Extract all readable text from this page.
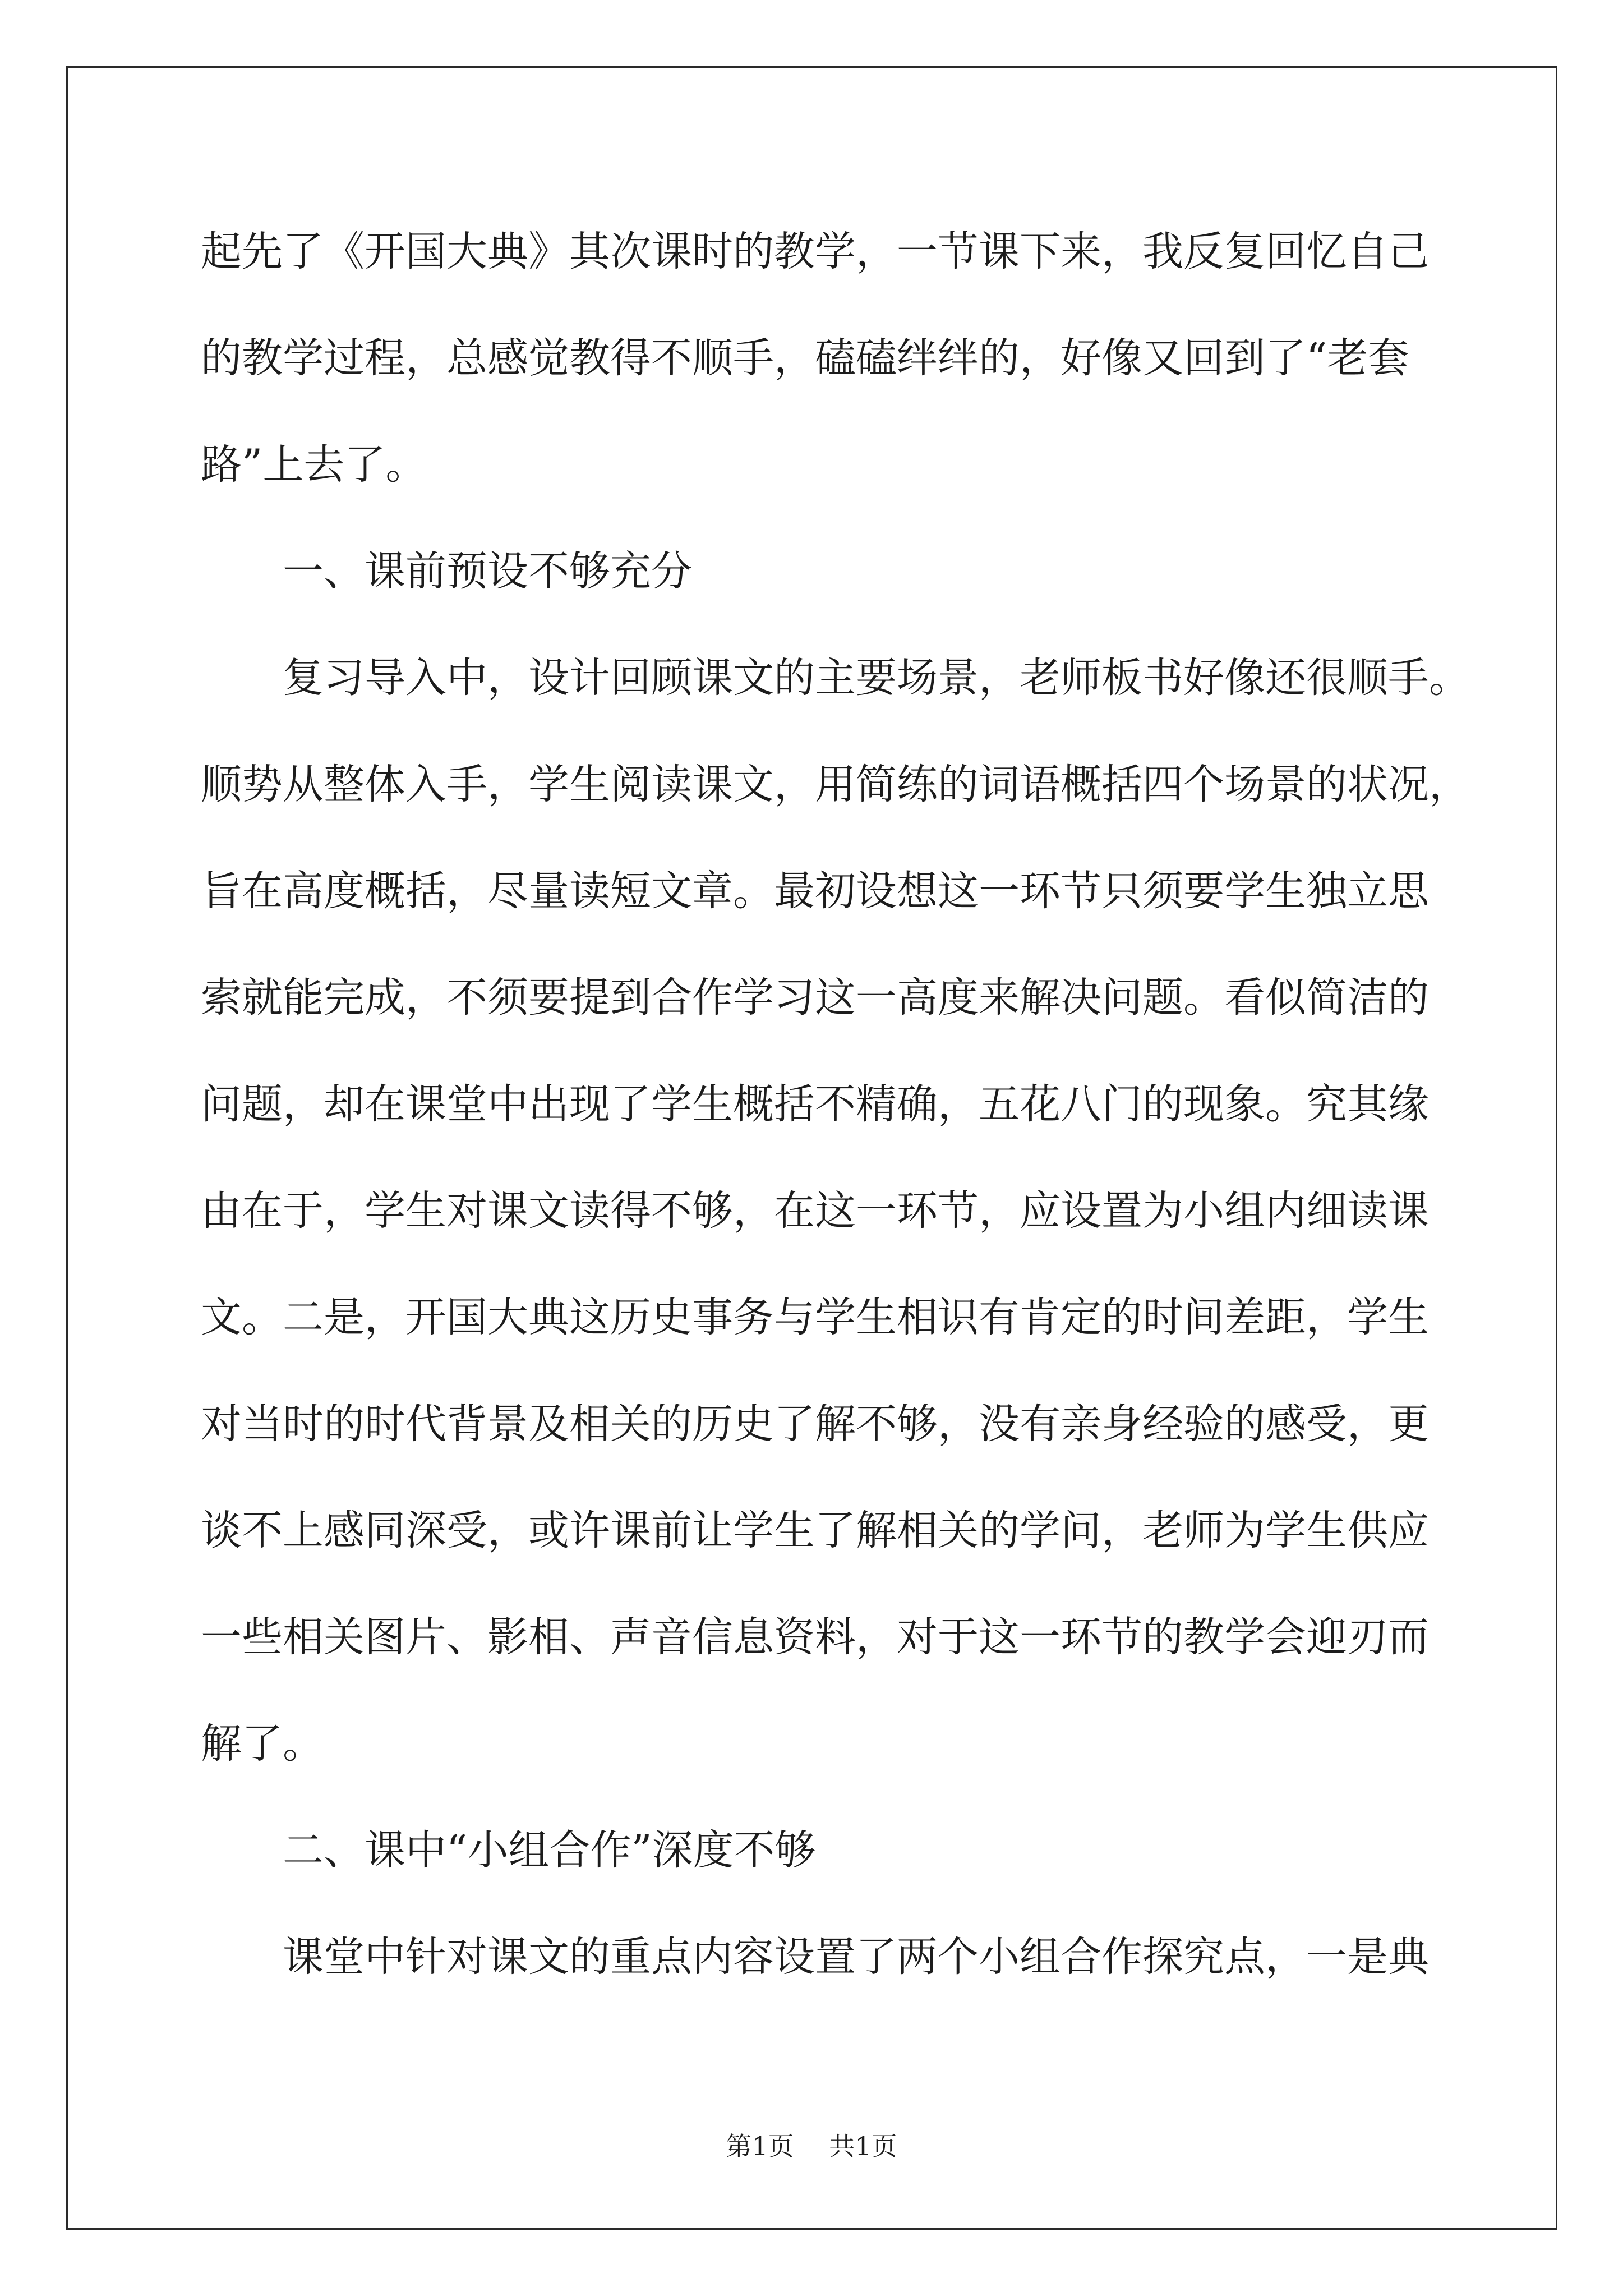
起先了《开国大典》其次课时的教学，一节课下来，我反复回忆自己
的教学过程，总感觉教得不顺手，磕磕绊绊的，好像又回到了“老套
路”上去了。
一、课前预设不够充分
复习导入中，设计回顾课文的主要场景，老师板书好像还很顺手。
顺势从整体入手，学生阅读课文，用简练的词语概括四个场景的状况，
旨在高度概括，尽量读短文章。最初设想这一环节只须要学生独立思
索就能完成，不须要提到合作学习这一高度来解决问题。看似简洁的
问题，却在课堂中出现了学生概括不精确，五花八门的现象。究其缘
由在于，学生对课文读得不够，在这一环节，应设置为小组内细读课
文。二是，开国大典这历史事务与学生相识有肯定的时间差距，学生
对当时的时代背景及相关的历史了解不够，没有亲身经验的感受，更
谈不上感同深受，或许课前让学生了解相关的学问，老师为学生供应
一些相关图片、影相、声音信息资料，对于这一环节的教学会迎刃而
解了。
二、课中“小组合作”深度不够
课堂中针对课文的重点内容设置了两个小组合作探究点，一是典
第1页 共1页
